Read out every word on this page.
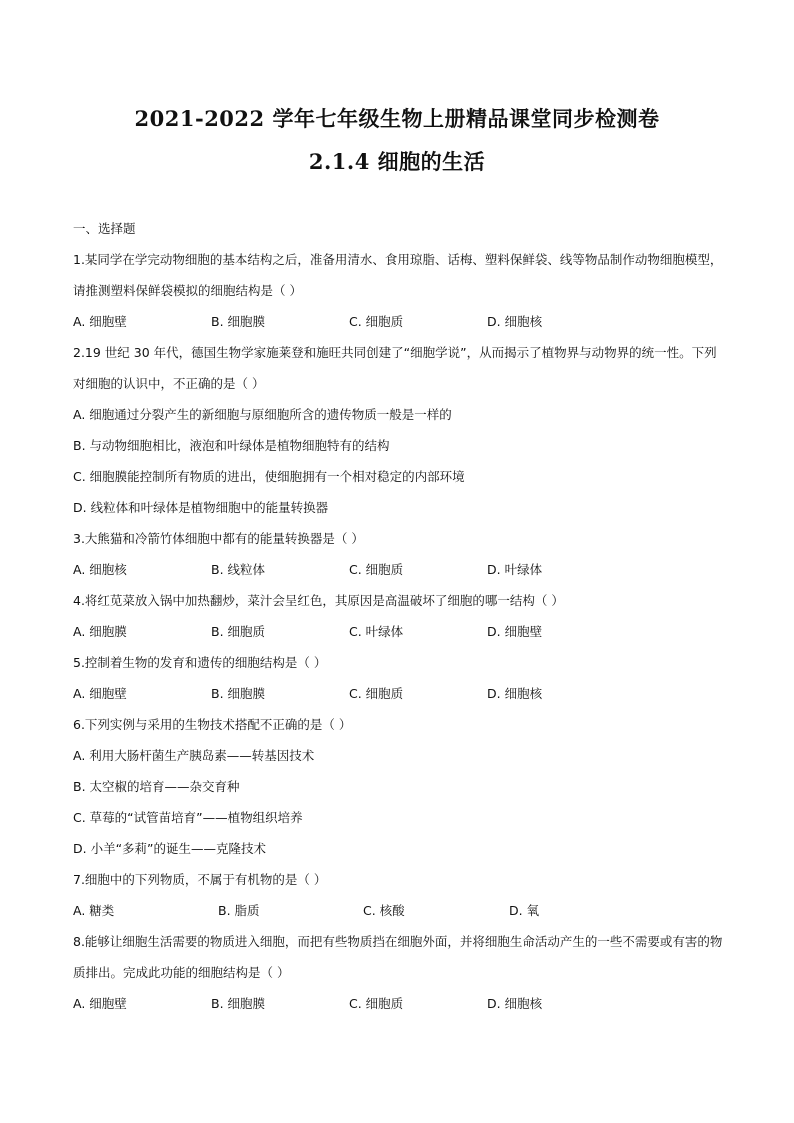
2021-2022 学年七年级生物上册精品课堂同步检测卷
2.1.4 细胞的生活
一、选择题
1.某同学在学完动物细胞的基本结构之后，准备用清水、食用琼脂、话梅、塑料保鲜袋、线等物品制作动物细胞模型，请推测塑料保鲜袋模拟的细胞结构是（ ）
A. 细胞壁	B. 细胞膜	C. 细胞质	D. 细胞核
2.19 世纪 30 年代，德国生物学家施莱登和施旺共同创建了“细胞学说”，从而揭示了植物界与动物界的统一性。下列对细胞的认识中，不正确的是（ ）
A. 细胞通过分裂产生的新细胞与原细胞所含的遗传物质一般是一样的
B. 与动物细胞相比，液泡和叶绿体是植物细胞特有的结构
C. 细胞膜能控制所有物质的进出，使细胞拥有一个相对稳定的内部环境
D. 线粒体和叶绿体是植物细胞中的能量转换器
3.大熊猫和冷箭竹体细胞中都有的能量转换器是（ ）
A. 细胞核	B. 线粒体	C. 细胞质	D. 叶绿体
4.将红苋菜放入锅中加热翻炒，菜汁会呈红色，其原因是高温破坏了细胞的哪一结构（ ）
A. 细胞膜	B. 细胞质	C. 叶绿体	D. 细胞壁
5.控制着生物的发育和遗传的细胞结构是（ ）
A. 细胞壁	B. 细胞膜	C. 细胞质	D. 细胞核
6.下列实例与采用的生物技术搭配不正确的是（ ）
A. 利用大肠杆菌生产胰岛素——转基因技术
B. 太空椒的培育——杂交育种
C. 草莓的“试管苗培育”——植物组织培养
D. 小羊“多莉”的诞生——克隆技术
7.细胞中的下列物质，不属于有机物的是（ ）
A. 糖类	B. 脂质	C. 核酸	D. 氧
8.能够让细胞生活需要的物质进入细胞，而把有些物质挡在细胞外面，并将细胞生命活动产生的一些不需要或有害的物质排出。完成此功能的细胞结构是（ ）
A. 细胞壁	B. 细胞膜	C. 细胞质	D. 细胞核
